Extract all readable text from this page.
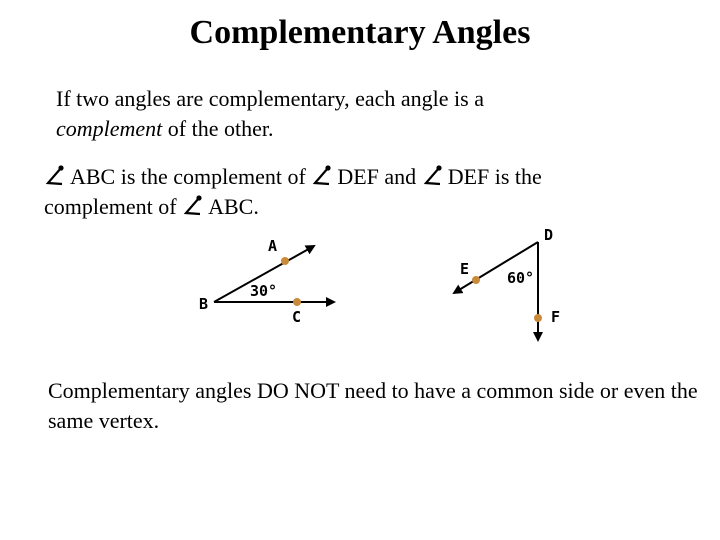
Complementary Angles
If two angles are complementary, each angle is a
complement of the other.
ABC is the complement of DEF and DEF is the
complement of ABC.
A
B
C
30°
D
E
F
60°
Complementary angles DO NOT need to have a common side or even the same vertex.
